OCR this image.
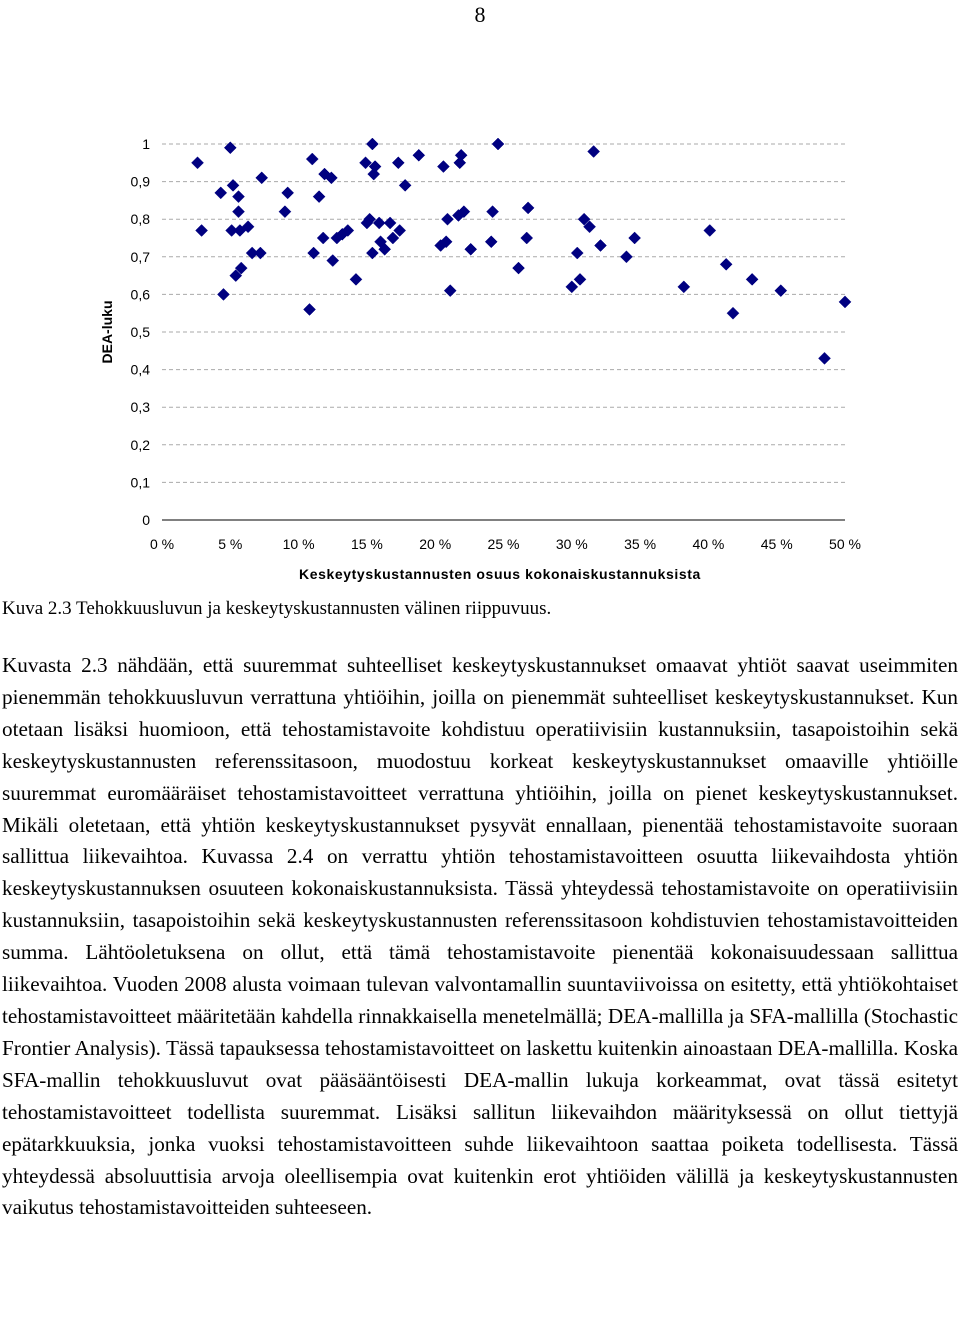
8
0
0,1
0,2
0,3
0,4
0,5
0,6
0,7
0,8
0,9
1
0 %	5 %	10 %	15 %	20 %	25 %	30 %	35 %	40 %	45 %	50 %
Keskeytyskustannusten osuus kokonaiskustannuksista
DEA-luku
Kuva 2.3 Tehokkuusluvun ja keskeytyskustannusten välinen riippuvuus.

Kuvasta 2.3 nähdään, että suuremmat suhteelliset keskeytyskustannukset omaavat yhtiöt saavat useimmiten pienemmän tehokkuusluvun verrattuna yhtiöihin, joilla on pienemmät suhteelliset keskeytyskustannukset. Kun otetaan lisäksi huomioon, että tehostamistavoite kohdistuu operatiivisiin kustannuksiin, tasapoistoihin sekä keskeytyskustannusten referenssitasoon, muodostuu korkeat keskeytyskustannukset omaaville yhtiöille suuremmat euromääräiset tehostamistavoitteet verrattuna yhtiöihin, joilla on pienet keskeytyskustannukset. Mikäli oletetaan, että yhtiön keskeytyskustannukset pysyvät ennallaan, pienentää tehostamistavoite suoraan sallittua liikevaihtoa. Kuvassa 2.4 on verrattu yhtiön tehostamistavoitteen osuutta liikevaihdosta yhtiön keskeytyskustannuksen osuuteen kokonaiskustannuksista. Tässä yhteydessä tehostamistavoite on operatiivisiin kustannuksiin, tasapoistoihin sekä keskeytyskustannusten referenssitasoon kohdistuvien tehostamistavoitteiden summa. Lähtöoletuksena on ollut, että tämä tehostamistavoite pienentää kokonaisuudessaan sallittua liikevaihtoa. Vuoden 2008 alusta voimaan tulevan valvontamallin suuntaviivoissa on esitetty, että yhtiökohtaiset tehostamistavoitteet määritetään kahdella rinnakkaisella menetelmällä; DEA-mallilla ja SFA-mallilla (Stochastic Frontier Analysis). Tässä tapauksessa tehostamistavoitteet on laskettu kuitenkin ainoastaan DEA-mallilla. Koska SFA-mallin tehokkuusluvut ovat pääsääntöisesti DEA-mallin lukuja korkeammat, ovat tässä esitetyt tehostamistavoitteet todellista suuremmat. Lisäksi sallitun liikevaihdon määrityksessä on ollut tiettyjä epätarkkuuksia, jonka vuoksi tehostamistavoitteen suhde liikevaihtoon saattaa poiketa todellisesta. Tässä yhteydessä absoluuttisia arvoja oleellisempia ovat kuitenkin erot yhtiöiden välillä ja keskeytyskustannusten vaikutus tehostamistavoitteiden suhteeseen.
